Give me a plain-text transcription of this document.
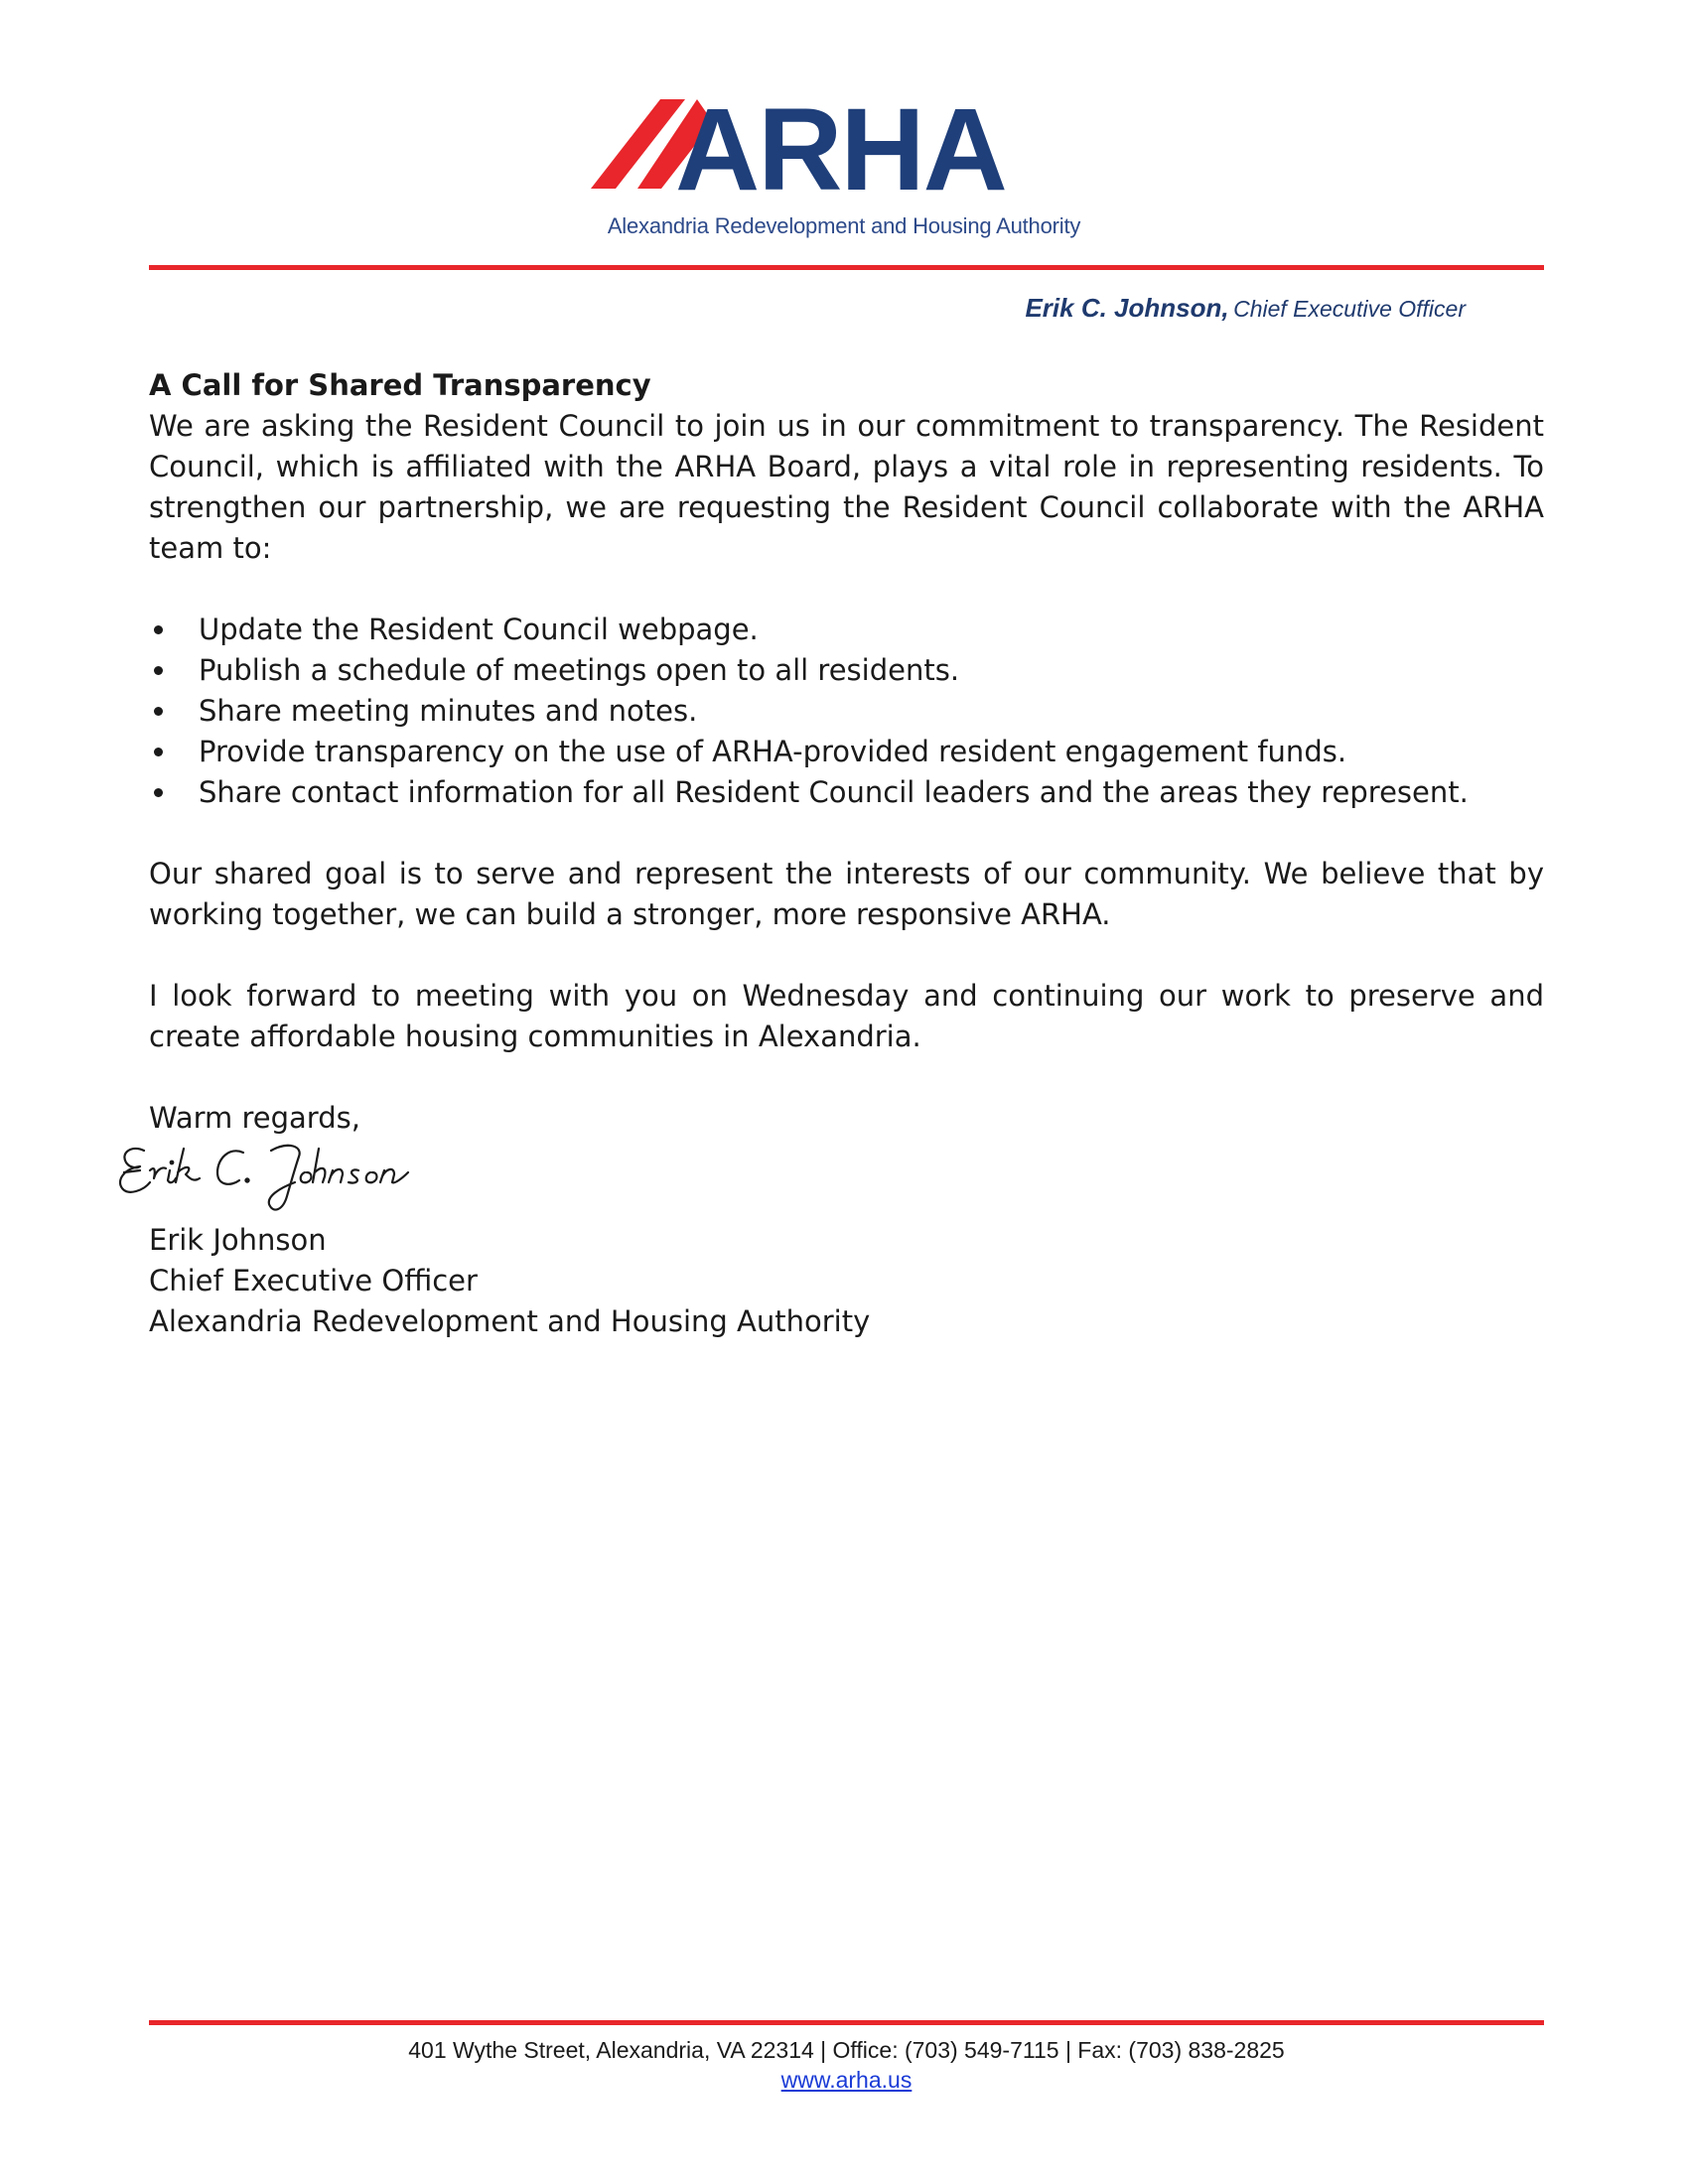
ARHA
Alexandria Redevelopment and Housing Authority
Erik C. Johnson, Chief Executive Officer

A Call for Shared Transparency

We are asking the Resident Council to join us in our commitment to transparency. The Resident Council, which is affiliated with the ARHA Board, plays a vital role in representing residents. To strengthen our partnership, we are requesting the Resident Council collaborate with the ARHA team to:

Update the Resident Council webpage.
Publish a schedule of meetings open to all residents.
Share meeting minutes and notes.
Provide transparency on the use of ARHA-provided resident engagement funds.
Share contact information for all Resident Council leaders and the areas they represent.

Our shared goal is to serve and represent the interests of our community. We believe that by working together, we can build a stronger, more responsive ARHA.

I look forward to meeting with you on Wednesday and continuing our work to preserve and create affordable housing communities in Alexandria.

Warm regards,

Erik Johnson

Chief Executive Officer

Alexandria Redevelopment and Housing Authority

401 Wythe Street, Alexandria, VA 22314 | Office: (703) 549-7115 | Fax: (703) 838-2825
www.arha.us
